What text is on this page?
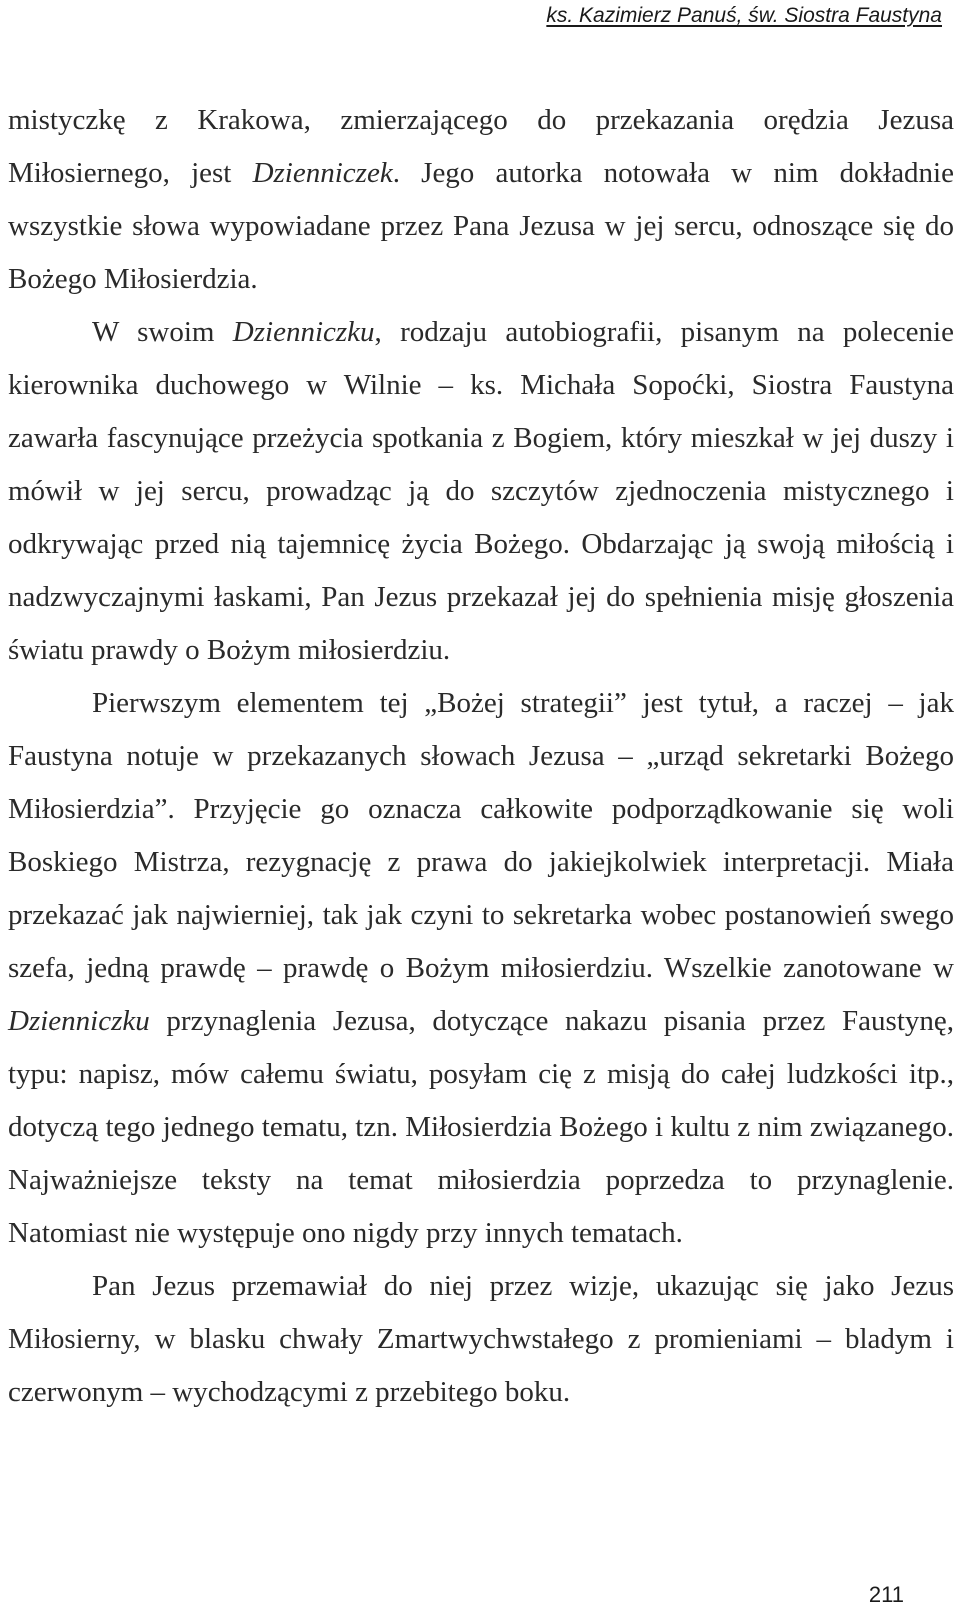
ks. Kazimierz Panuś, św. Siostra Faustyna

mistyczkę z Krakowa, zmierzającego do przekazania orędzia Jezusa Miłosiernego, jest Dzienniczek. Jego autorka notowała w nim dokładnie wszystkie słowa wypowiadane przez Pana Jezusa w jej sercu, odnoszące się do Bożego Miłosierdzia.

W swoim Dzienniczku, rodzaju autobiografii, pisanym na polecenie kierownika duchowego w Wilnie – ks. Michała Sopoćki, Siostra Faustyna zawarła fascynujące przeżycia spotkania z Bogiem, który mieszkał w jej duszy i mówił w jej sercu, prowadząc ją do szczytów zjednoczenia mistycznego i odkrywając przed nią tajemnicę życia Bożego. Obdarzając ją swoją miłością i nadzwyczajnymi łaskami, Pan Jezus przekazał jej do spełnienia misję głoszenia światu prawdy o Bożym miłosierdziu.

Pierwszym elementem tej „Bożej strategii” jest tytuł, a raczej – jak Faustyna notuje w przekazanych słowach Jezusa – „urząd sekretarki Bożego Miłosierdzia”. Przyjęcie go oznacza całkowite podporządkowanie się woli Boskiego Mistrza, rezygnację z prawa do jakiejkolwiek interpretacji. Miała przekazać jak najwierniej, tak jak czyni to sekretarka wobec postanowień swego szefa, jedną prawdę – prawdę o Bożym miłosierdziu. Wszelkie zanotowane w Dzienniczku przynaglenia Jezusa, dotyczące nakazu pisania przez Faustynę, typu: napisz, mów całemu światu, posyłam cię z misją do całej ludzkości itp., dotyczą tego jednego tematu, tzn. Miłosierdzia Bożego i kultu z nim związanego. Najważniejsze teksty na temat miłosierdzia poprzedza to przynaglenie. Natomiast nie występuje ono nigdy przy innych tematach.

Pan Jezus przemawiał do niej przez wizje, ukazując się jako Jezus Miłosierny, w blasku chwały Zmartwychwstałego z promieniami – bladym i czerwonym – wychodzącymi z przebitego boku.

211
